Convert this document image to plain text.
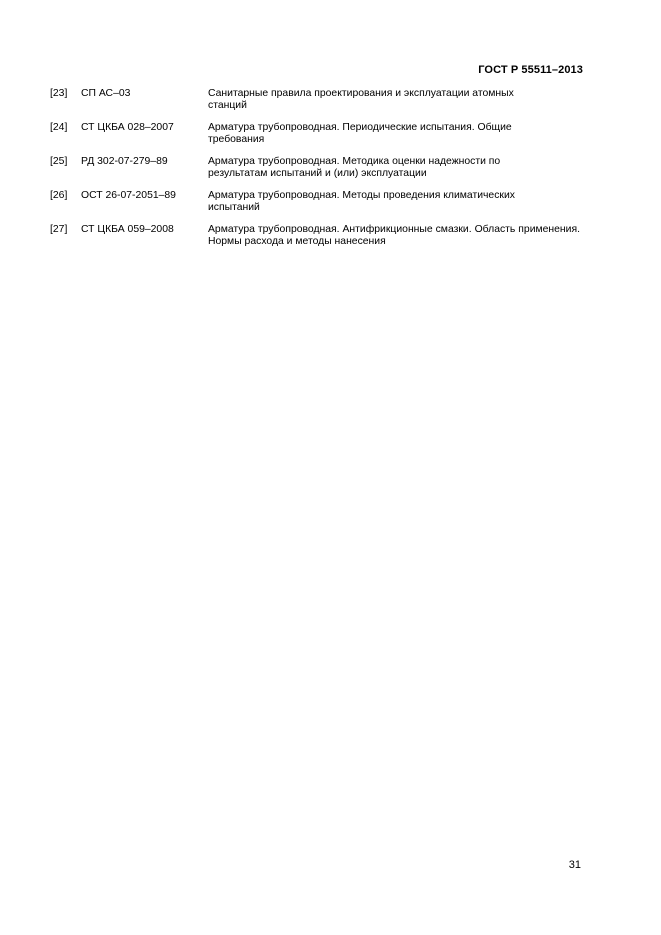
ГОСТ Р 55511–2013
[23] СП АС–03	Санитарные правила проектирования и эксплуатации атомных станций
[24] СТ ЦКБА 028–2007	Арматура трубопроводная. Периодические испытания. Общие требования
[25] РД 302-07-279–89	Арматура трубопроводная. Методика оценки надежности по результатам испытаний и (или) эксплуатации
[26] ОСТ 26-07-2051–89	Арматура трубопроводная. Методы проведения климатических испытаний
[27] СТ ЦКБА 059–2008	Арматура трубопроводная. Антифрикционные смазки. Область применения. Нормы расхода и методы нанесения
31
